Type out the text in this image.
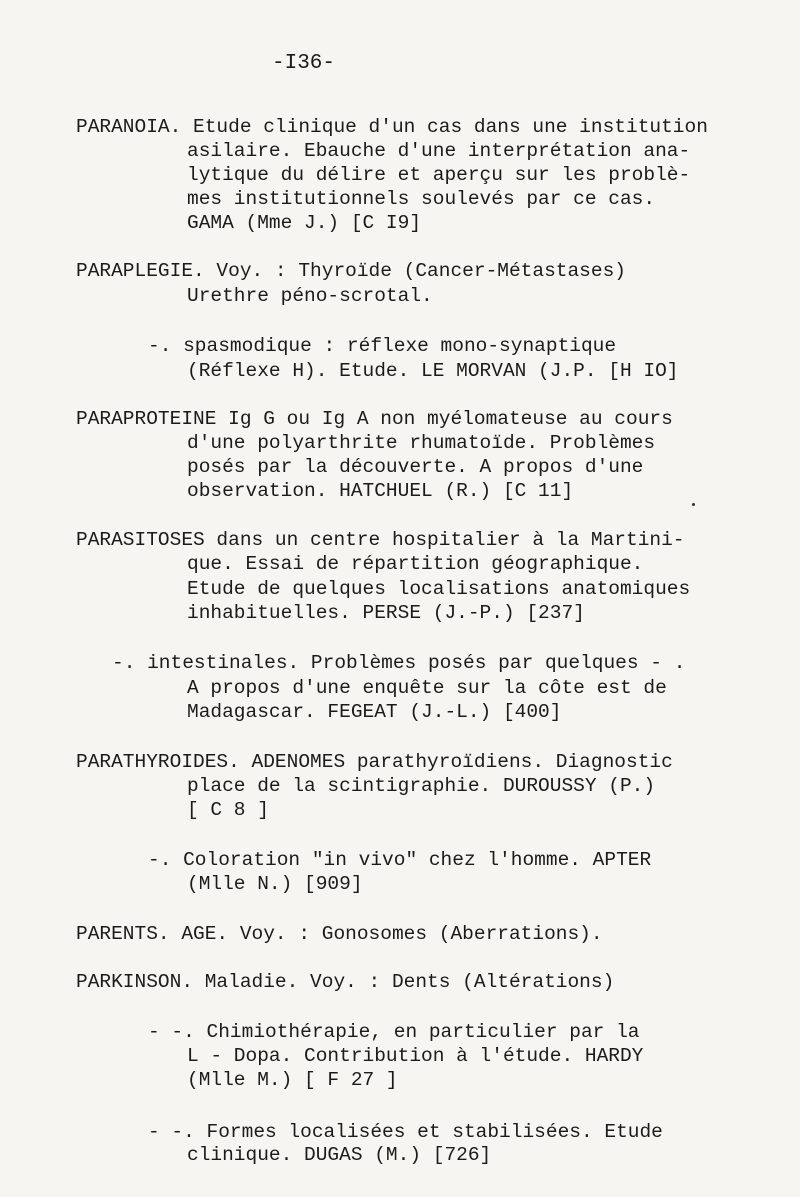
-I36-
PARANOIA. Etude clinique d'un cas dans une institution
asilaire. Ebauche d'une interprétation ana-
lytique du délire et aperçu sur les problè-
mes institutionnels soulevés par ce cas.
GAMA (Mme J.) [C I9]
PARAPLEGIE. Voy. : Thyroïde (Cancer-Métastases)
Urethre péno-scrotal.
-. spasmodique : réflexe mono-synaptique
(Réflexe H). Etude. LE MORVAN (J.P. [H IO]
PARAPROTEINE Ig G ou Ig A non myélomateuse au cours
d'une polyarthrite rhumatoïde. Problèmes
posés par la découverte. A propos d'une
observation. HATCHUEL (R.) [C 11]
PARASITOSES dans un centre hospitalier à la Martini-
que. Essai de répartition géographique.
Etude de quelques localisations anatomiques
inhabituelles. PERSE (J.-P.) [237]
-. intestinales. Problèmes posés par quelques - .
A propos d'une enquête sur la côte est de
Madagascar. FEGEAT (J.-L.) [400]
PARATHYROIDES. ADENOMES parathyroïdiens. Diagnostic
place de la scintigraphie. DUROUSSY (P.)
[ C 8 ]
-. Coloration "in vivo" chez l'homme. APTER
(Mlle N.) [909]
PARENTS. AGE. Voy. : Gonosomes (Aberrations).
PARKINSON. Maladie. Voy. : Dents (Altérations)
- -. Chimiothérapie, en particulier par la
L - Dopa. Contribution à l'étude. HARDY
(Mlle M.) [ F 27 ]
- -. Formes localisées et stabilisées. Etude
clinique. DUGAS (M.) [726]
